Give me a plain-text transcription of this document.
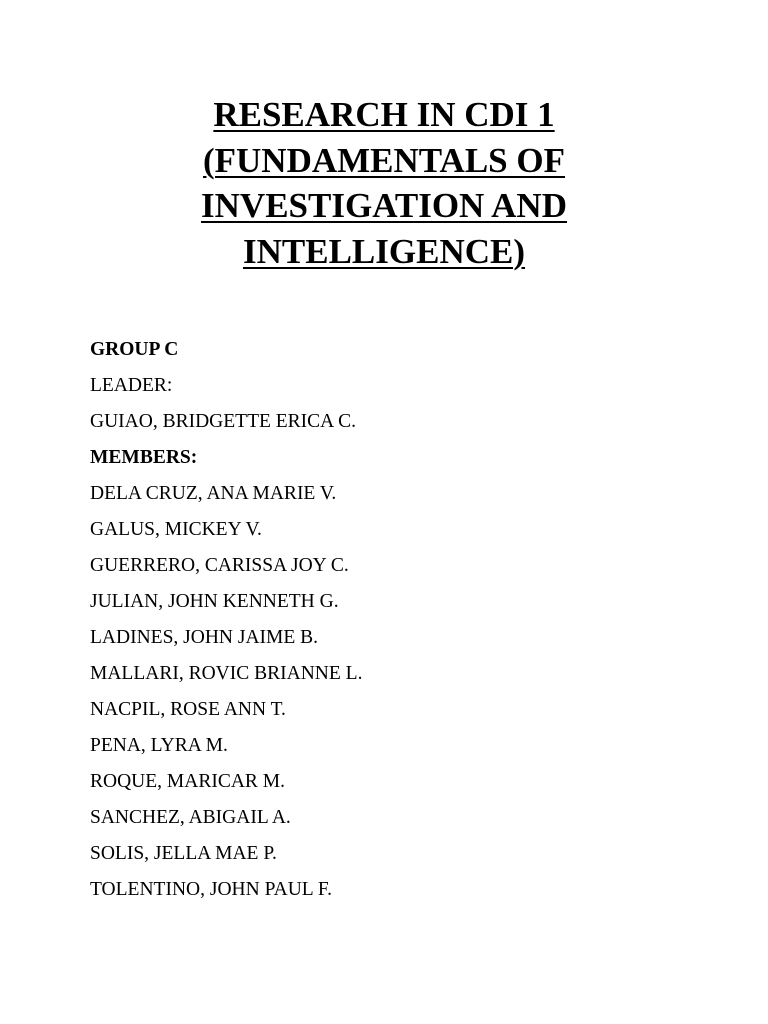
RESEARCH IN CDI 1
(FUNDAMENTALS OF
INVESTIGATION AND
INTELLIGENCE)
GROUP C
LEADER:
GUIAO, BRIDGETTE ERICA C.
MEMBERS:
DELA CRUZ, ANA MARIE V.
GALUS, MICKEY V.
GUERRERO, CARISSA JOY C.
JULIAN, JOHN KENNETH G.
LADINES, JOHN JAIME B.
MALLARI, ROVIC BRIANNE L.
NACPIL, ROSE ANN T.
PENA, LYRA M.
ROQUE, MARICAR M.
SANCHEZ, ABIGAIL A.
SOLIS, JELLA MAE P.
TOLENTINO, JOHN PAUL F.
